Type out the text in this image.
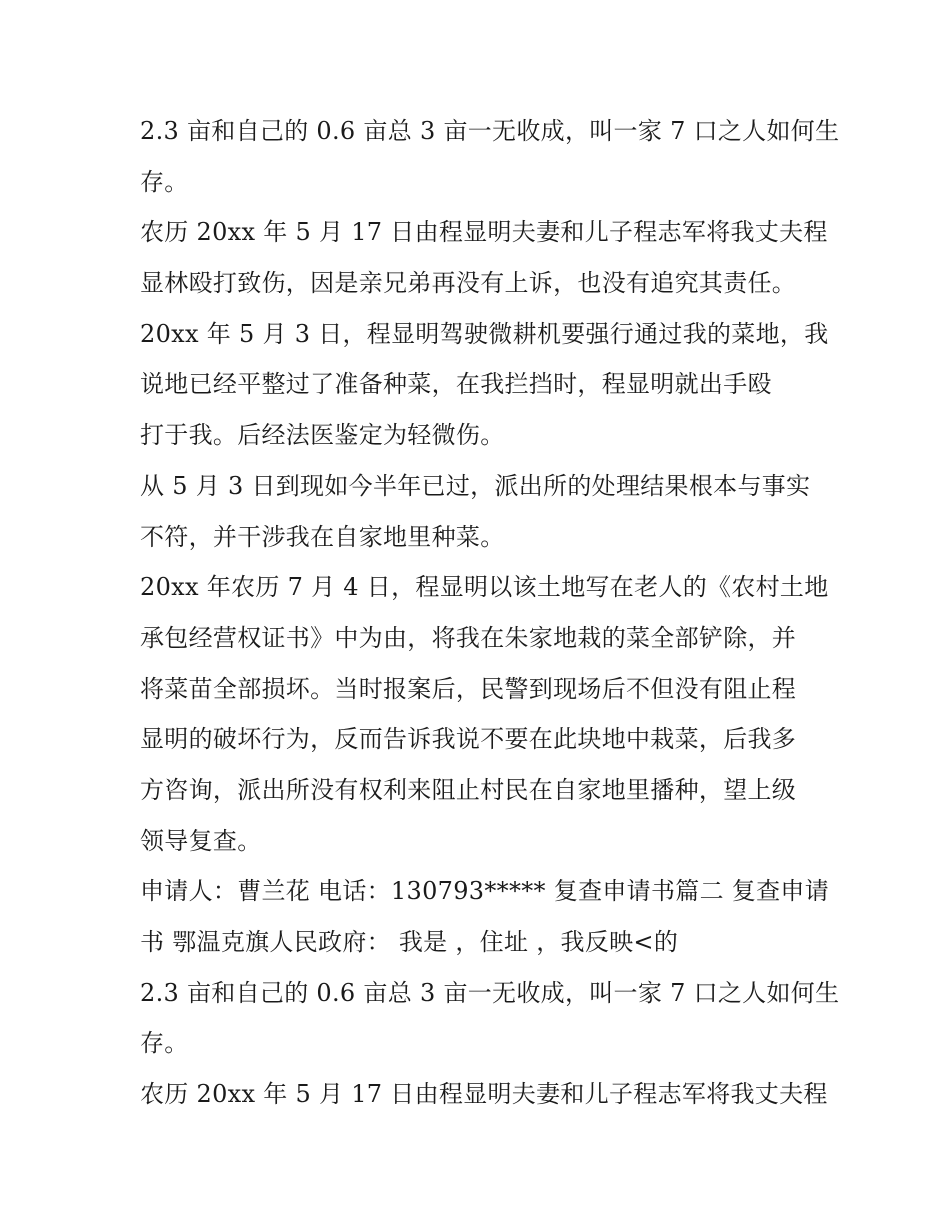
2.3 亩和自己的 0.6 亩总 3 亩一无收成，叫一家 7 口之人如何生
存。
农历 20xx 年 5 月 17 日由程显明夫妻和儿子程志军将我丈夫程
显林殴打致伤，因是亲兄弟再没有上诉，也没有追究其责任。
20xx 年 5 月 3 日，程显明驾驶微耕机要强行通过我的菜地，我
说地已经平整过了准备种菜，在我拦挡时，程显明就出手殴
打于我。后经法医鉴定为轻微伤。
从 5 月 3 日到现如今半年已过，派出所的处理结果根本与事实
不符，并干涉我在自家地里种菜。
20xx 年农历 7 月 4 日，程显明以该土地写在老人的《农村土地
承包经营权证书》中为由，将我在朱家地栽的菜全部铲除，并
将菜苗全部损坏。当时报案后，民警到现场后不但没有阻止程
显明的破坏行为，反而告诉我说不要在此块地中栽菜，后我多
方咨询，派出所没有权利来阻止村民在自家地里播种，望上级
领导复查。
申请人：曹兰花 电话：130793***** 复查申请书篇二 复查申请
书 鄂温克旗人民政府： 我是 ，住址 ，我反映<的
2.3 亩和自己的 0.6 亩总 3 亩一无收成，叫一家 7 口之人如何生
存。
农历 20xx 年 5 月 17 日由程显明夫妻和儿子程志军将我丈夫程
